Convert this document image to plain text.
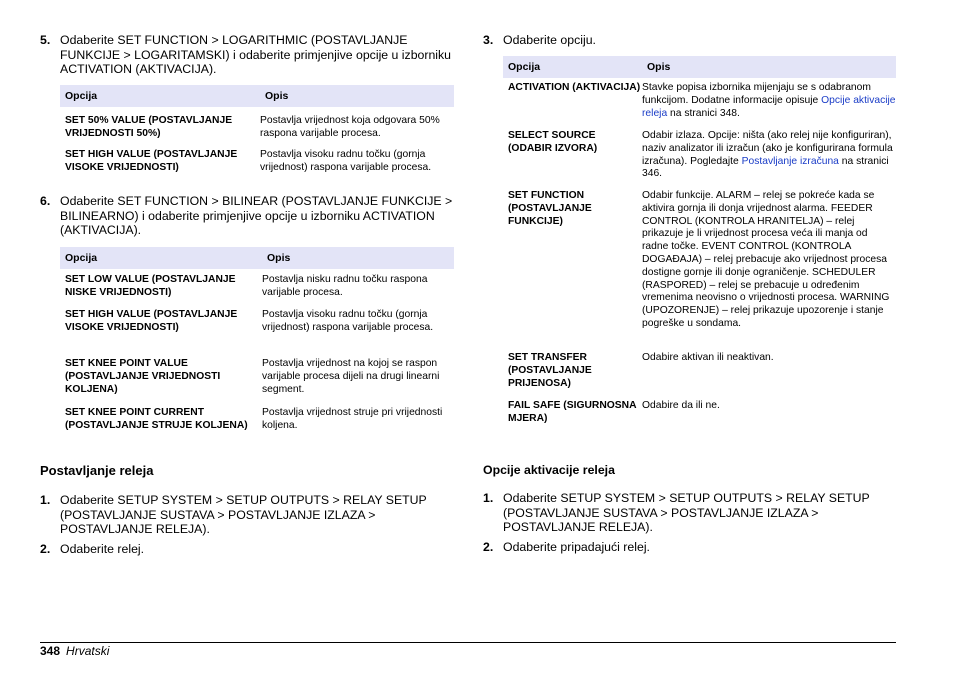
5. Odaberite SET FUNCTION > LOGARITHMIC (POSTAVLJANJE FUNKCIJE > LOGARITAMSKI) i odaberite primjenjive opcije u izborniku ACTIVATION (AKTIVACIJA).
Opcija	Opis

SET 50% VALUE (POSTAVLJANJE VRIJEDNOSTI 50%)	Postavlja vrijednost koja odgovara 50% raspona varijable procesa.

SET HIGH VALUE (POSTAVLJANJE VISOKE VRIJEDNOSTI)	Postavlja visoku radnu točku (gornja vrijednost) raspona varijable procesa.
6. Odaberite SET FUNCTION > BILINEAR (POSTAVLJANJE FUNKCIJE > BILINEARNO) i odaberite primjenjive opcije u izborniku ACTIVATION (AKTIVACIJA).
Opcija	Opis

SET LOW VALUE (POSTAVLJANJE NISKE VRIJEDNOSTI)	Postavlja nisku radnu točku raspona varijable procesa.

SET HIGH VALUE (POSTAVLJANJE VISOKE VRIJEDNOSTI)	Postavlja visoku radnu točku (gornja vrijednost) raspona varijable procesa.

SET KNEE POINT VALUE (POSTAVLJANJE VRIJEDNOSTI KOLJENA)	Postavlja vrijednost na kojoj se raspon varijable procesa dijeli na drugi linearni segment.

SET KNEE POINT CURRENT (POSTAVLJANJE STRUJE KOLJENA)	Postavlja vrijednost struje pri vrijednosti koljena.
Postavljanje releja
1. Odaberite SETUP SYSTEM > SETUP OUTPUTS > RELAY SETUP (POSTAVLJANJE SUSTAVA > POSTAVLJANJE IZLAZA > POSTAVLJANJE RELEJA).
2. Odaberite relej.
3. Odaberite opciju.
Opcija	Opis

ACTIVATION (AKTIVACIJA)	Stavke popisa izbornika mijenjaju se s odabranom funkcijom. Dodatne informacije opisuje Opcije aktivacije releja na stranici 348.

SELECT SOURCE (ODABIR IZVORA)	Odabir izlaza. Opcije: ništa (ako relej nije konfiguriran), naziv analizator ili izračun (ako je konfigurirana formula izračuna). Pogledajte Postavljanje izračuna na stranici 346.

SET FUNCTION (POSTAVLJANJE FUNKCIJE)	Odabir funkcije. ALARM – relej se pokreće kada se aktivira gornja ili donja vrijednost alarma. FEEDER CONTROL (KONTROLA HRANITELJA) – relej prikazuje je li vrijednost procesa veća ili manja od radne točke. EVENT CONTROL (KONTROLA DOGAĐAJA) – relej prebacuje ako vrijednost procesa dostigne gornje ili donje ograničenje. SCHEDULER (RASPORED) – relej se prebacuje u određenim vremenima neovisno o vrijednosti procesa. WARNING (UPOZORENJE) – relej prikazuje upozorenje i stanje pogreške u sondama.

SET TRANSFER (POSTAVLJANJE PRIJENOSA)	Odabire aktivan ili neaktivan.

FAIL SAFE (SIGURNOSNA MJERA)	Odabire da ili ne.
Opcije aktivacije releja
1. Odaberite SETUP SYSTEM > SETUP OUTPUTS > RELAY SETUP (POSTAVLJANJE SUSTAVA > POSTAVLJANJE IZLAZA > POSTAVLJANJE RELEJA).
2. Odaberite pripadajući relej.
348 Hrvatski
